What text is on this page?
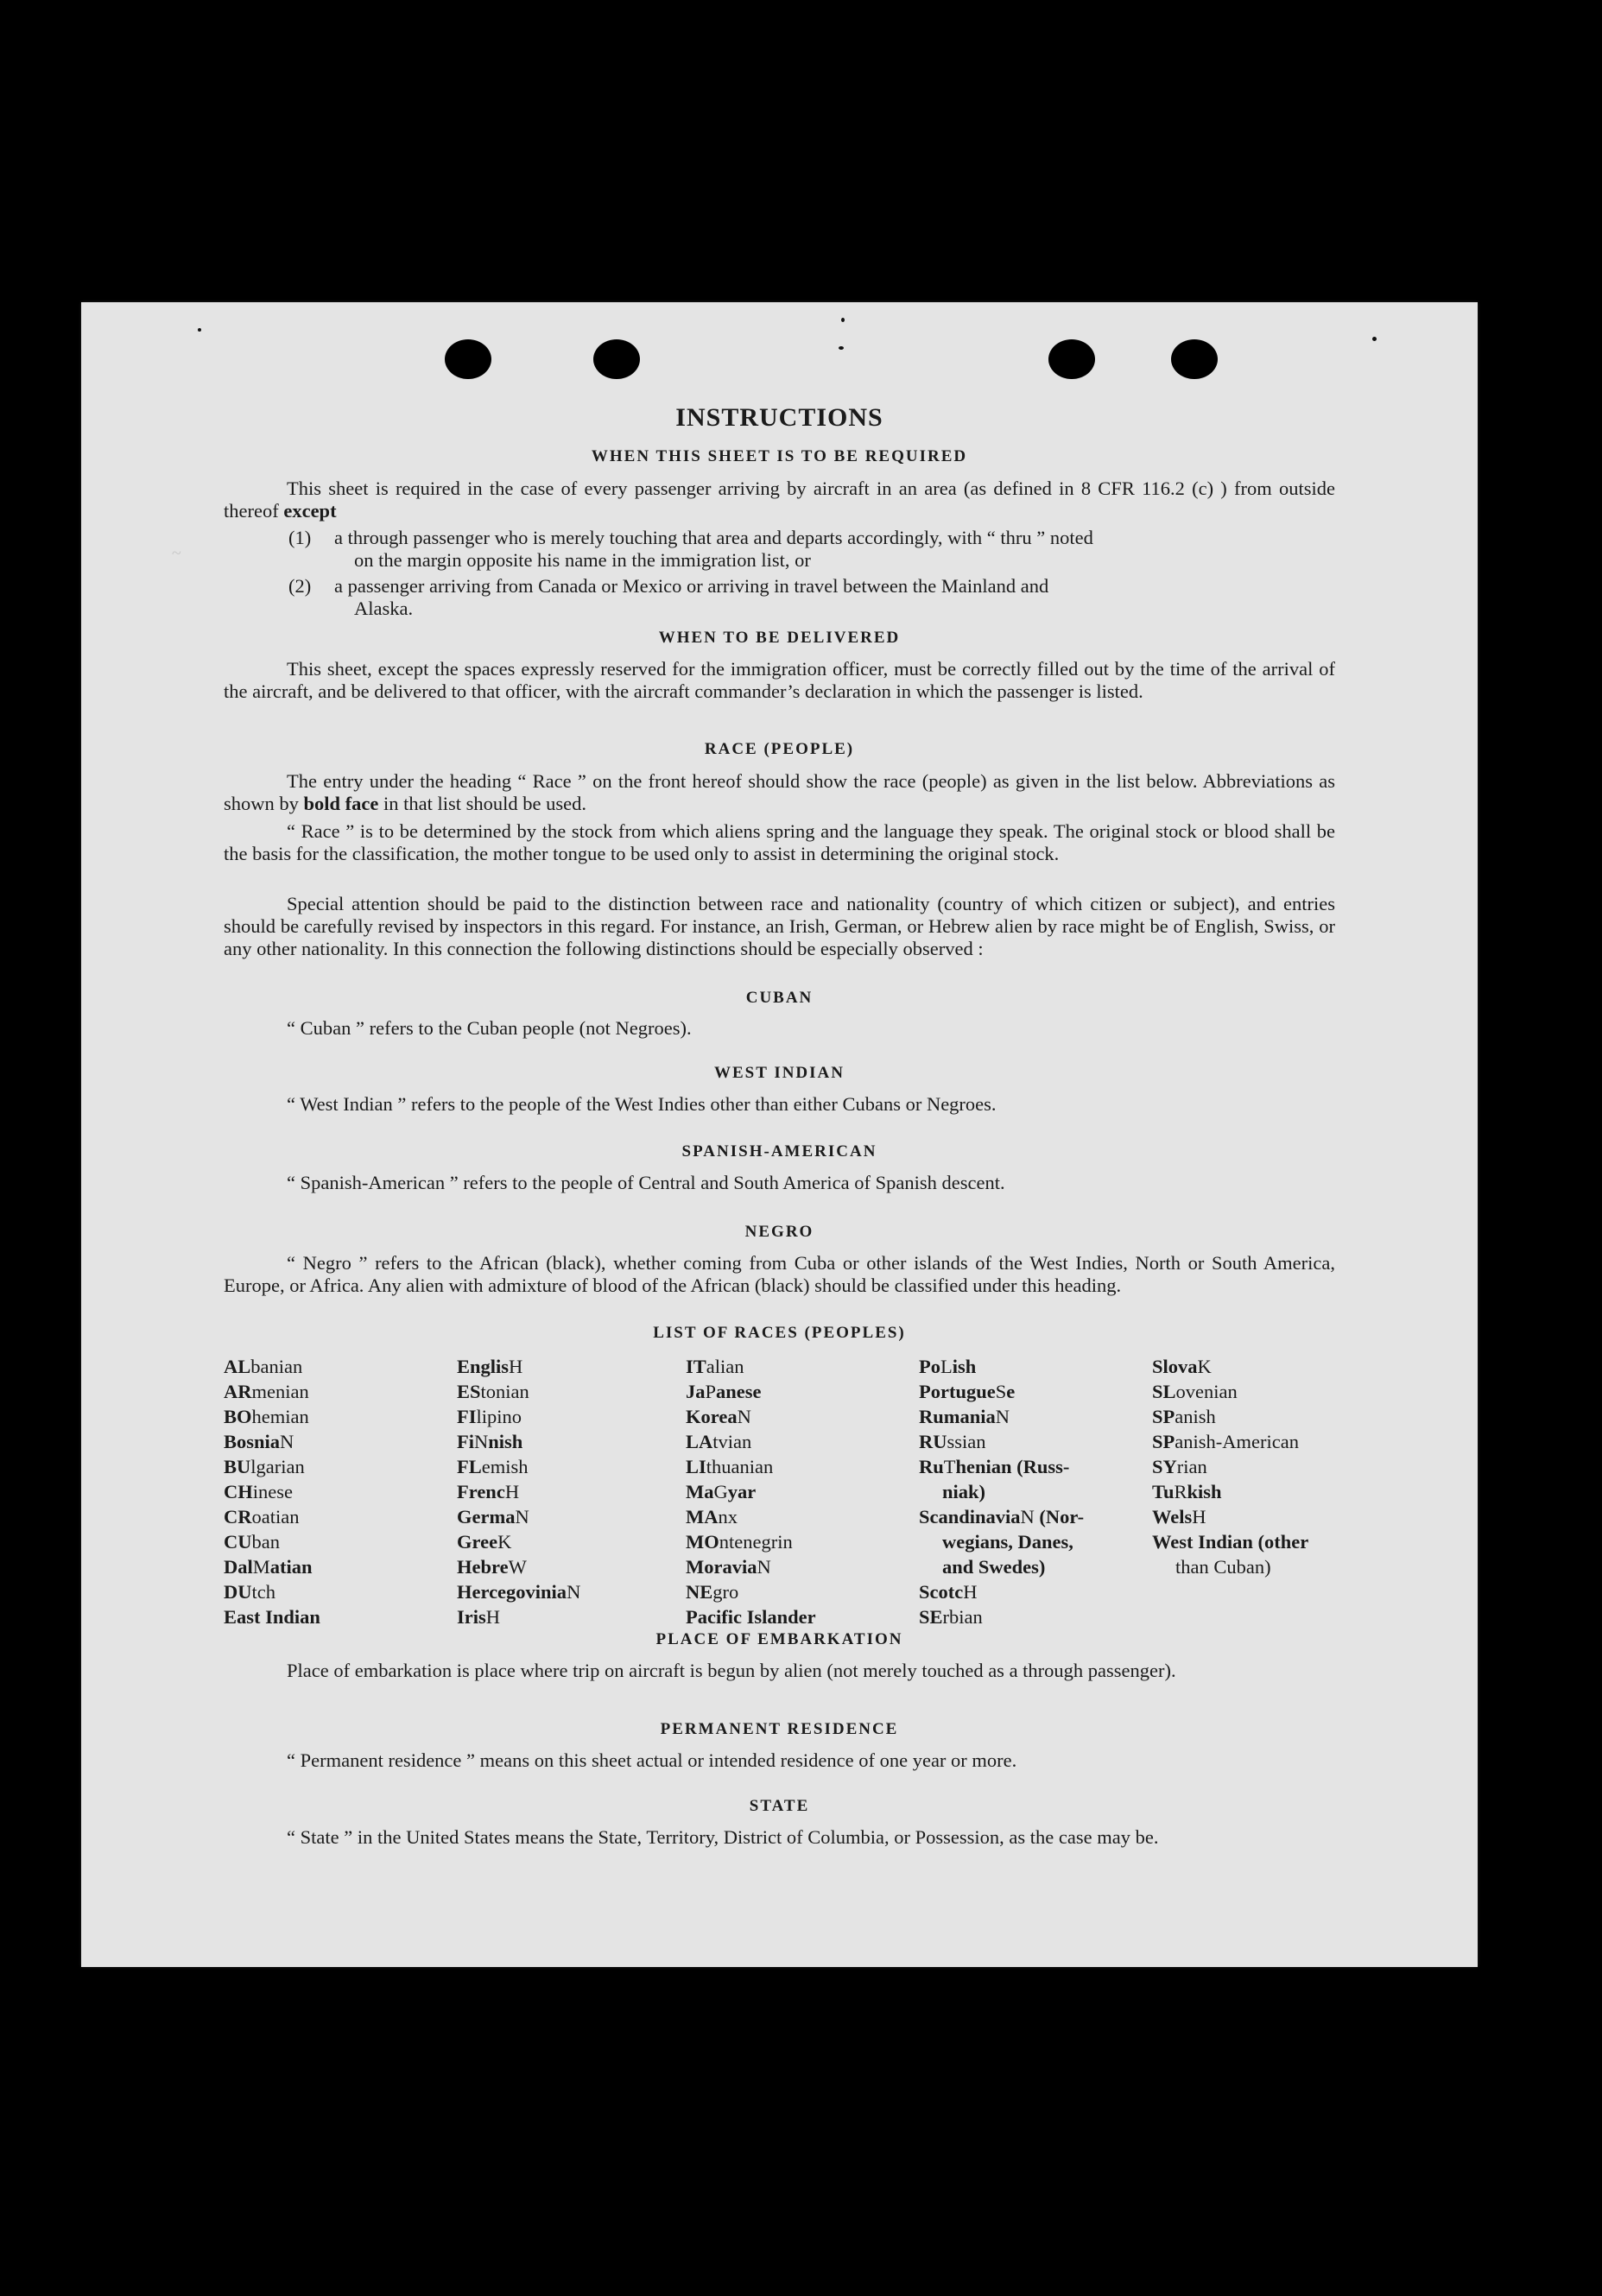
~
INSTRUCTIONS
WHEN THIS SHEET IS TO BE REQUIRED
This sheet is required in the case of every passenger arriving by aircraft in an area (as defined in 8 CFR 116.2 (c) ) from outside thereof except
(1) a through passenger who is merely touching that area and departs accordingly, with “ thru ” noted
on the margin opposite his name in the immigration list, or
(2) a passenger arriving from Canada or Mexico or arriving in travel between the Mainland and
Alaska.
WHEN TO BE DELIVERED
This sheet, except the spaces expressly reserved for the immigration officer, must be correctly filled out by the time of the arrival of the aircraft, and be delivered to that officer, with the aircraft commander’s declaration in which the passenger is listed.
RACE (PEOPLE)
The entry under the heading “ Race ” on the front hereof should show the race (people) as given in the list below. Abbreviations as shown by bold face in that list should be used.
“ Race ” is to be determined by the stock from which aliens spring and the language they speak. The original stock or blood shall be the basis for the classification, the mother tongue to be used only to assist in determining the original stock.
Special attention should be paid to the distinction between race and nationality (country of which citizen or subject), and entries should be carefully revised by inspectors in this regard. For instance, an Irish, German, or Hebrew alien by race might be of English, Swiss, or any other nationality. In this connection the following distinctions should be especially observed :
CUBAN
“ Cuban ” refers to the Cuban people (not Negroes).
WEST INDIAN
“ West Indian ” refers to the people of the West Indies other than either Cubans or Negroes.
SPANISH-AMERICAN
“ Spanish-American ” refers to the people of Central and South America of Spanish descent.
NEGRO
“ Negro ” refers to the African (black), whether coming from Cuba or other islands of the West Indies, North or South America, Europe, or Africa. Any alien with admixture of blood of the African (black) should be classified under this heading.
LIST OF RACES (PEOPLES)
ALbanian
ARmenian
BOhemian
BosniaN
BUlgarian
CHinese
CRoatian
CUban
DalMatian
DUtch
East Indian
EnglisH
EStonian
FIlipino
FiNnish
FLemish
FrencH
GermaN
GreeK
HebreW
HercegoviniaN
IrisH
ITalian
JaPanese
KoreaN
LAtvian
LIthuanian
MaGyar
MAnx
MOntenegrin
MoraviaN
NEgro
Pacific Islander
PoLish
PortugueSe
RumaniaN
RUssian
RuThenian (Russ-
niak)
ScandinaviaN (Nor-
wegians, Danes,
and Swedes)
ScotcH
SErbian
SlovaK
SLovenian
SPanish
SPanish-American
SYrian
TuRkish
WelsH
West Indian (other
than Cuban)
PLACE OF EMBARKATION
Place of embarkation is place where trip on aircraft is begun by alien (not merely touched as a through passenger).
PERMANENT RESIDENCE
“ Permanent residence ” means on this sheet actual or intended residence of one year or more.
STATE
“ State ” in the United States means the State, Territory, District of Columbia, or Possession, as the case may be.
